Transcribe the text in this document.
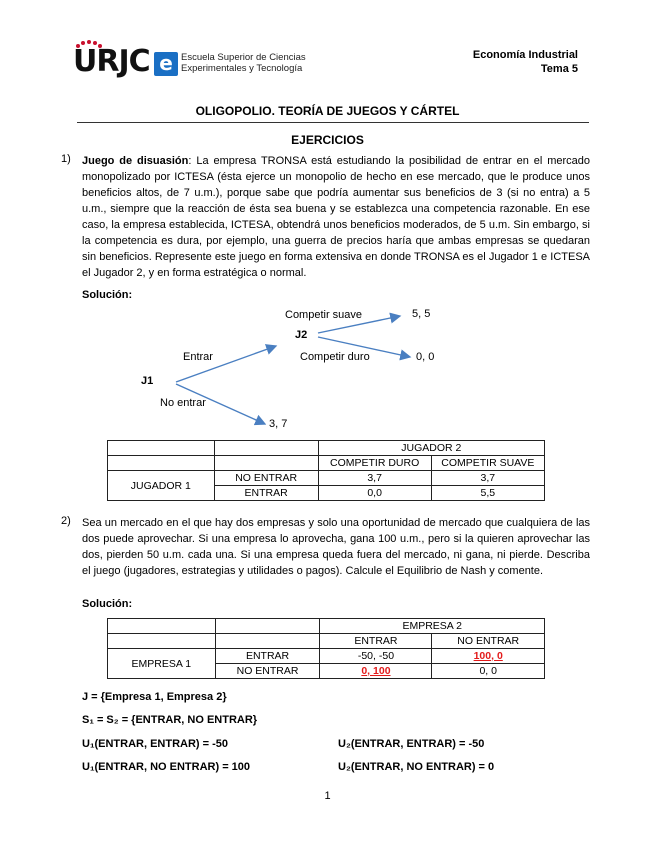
URJC e Escuela Superior de Ciencias
Experimentales y Tecnología
Economía Industrial
Tema 5
OLIGOPOLIO. TEORÍA DE JUEGOS Y CÁRTEL
EJERCICIOS
1) Juego de disuasión: La empresa TRONSA está estudiando la posibilidad de entrar en el mercado monopolizado por ICTESA (ésta ejerce un monopolio de hecho en ese mercado, que le produce unos beneficios altos, de 7 u.m.), porque sabe que podría aumentar sus beneficios de 3 (si no entra) a 5 u.m., siempre que la reacción de ésta sea buena y se establezca una competencia razonable. En ese caso, la empresa establecida, ICTESA, obtendrá unos beneficios moderados, de 5 u.m. Sin embargo, si la competencia es dura, por ejemplo, una guerra de precios haría que ambas empresas se quedaran sin beneficios. Represente este juego en forma extensiva en donde TRONSA es el Jugador 1 e ICTESA el Jugador 2, y en forma estratégica o normal.
Solución:
J1
J2
Entrar
No entrar
Competir suave
Competir duro
5, 5
0, 0
3, 7
		JUGADOR 2	
		COMPETIR DURO	COMPETIR SUAVE
JUGADOR 1	NO ENTRAR	3,7	3,7
	ENTRAR	0,0	5,5
2) Sea un mercado en el que hay dos empresas y solo una oportunidad de mercado que cualquiera de las dos puede aprovechar. Si una empresa lo aprovecha, gana 100 u.m., pero si la quieren aprovechar las dos, pierden 50 u.m. cada una. Si una empresa queda fuera del mercado, ni gana, ni pierde. Describa el juego (jugadores, estrategias y utilidades o pagos). Calcule el Equilibrio de Nash y comente.
Solución:
		EMPRESA 2	
		ENTRAR	NO ENTRAR
EMPRESA 1	ENTRAR	-50, -50	100, 0
	NO ENTRAR	0, 100	0, 0
J = {Empresa 1, Empresa 2}
S₁ = S₂ = {ENTRAR, NO ENTRAR}
U₁(ENTRAR, ENTRAR) = -50	U₂(ENTRAR, ENTRAR) = -50
U₁(ENTRAR, NO ENTRAR) = 100	U₂(ENTRAR, NO ENTRAR) = 0
1
